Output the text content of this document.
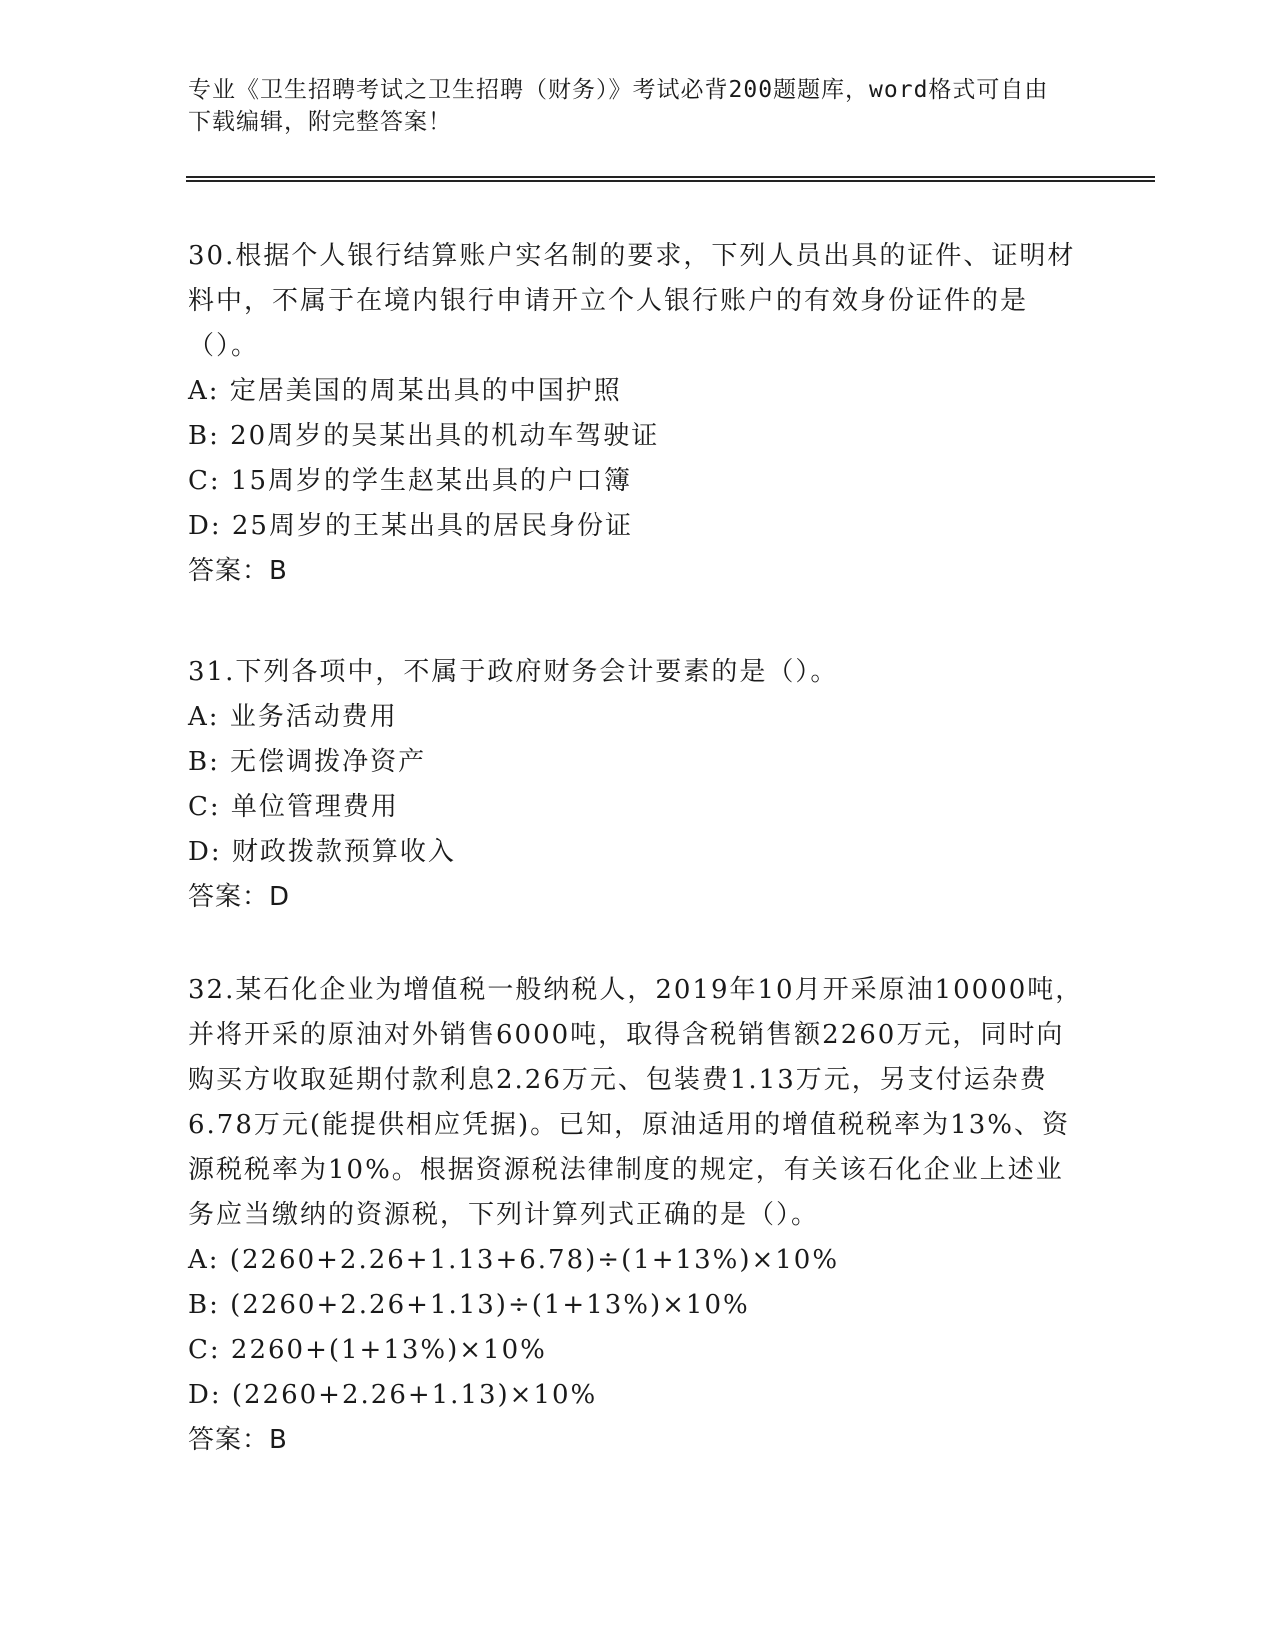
专业《卫生招聘考试之卫生招聘（财务）》考试必背200题题库，word格式可自由下载编辑，附完整答案！

30.根据个人银行结算账户实名制的要求，下列人员出具的证件、证明材料中，不属于在境内银行申请开立个人银行账户的有效身份证件的是（）。

A: 定居美国的周某出具的中国护照

B: 20周岁的吴某出具的机动车驾驶证

C: 15周岁的学生赵某出具的户口簿

D: 25周岁的王某出具的居民身份证

答案：B

31.下列各项中，不属于政府财务会计要素的是（）。

A: 业务活动费用

B: 无偿调拨净资产

C: 单位管理费用

D: 财政拨款预算收入

答案：D

32.某石化企业为增值税一般纳税人，2019年10月开采原油10000吨，并将开采的原油对外销售6000吨，取得含税销售额2260万元，同时向购买方收取延期付款利息2.26万元、包装费1.13万元，另支付运杂费6.78万元(能提供相应凭据)。已知，原油适用的增值税税率为13%、资源税税率为10%。根据资源税法律制度的规定，有关该石化企业上述业务应当缴纳的资源税，下列计算列式正确的是（）。

A: (2260+2.26+1.13+6.78)÷(1+13%)×10%

B: (2260+2.26+1.13)÷(1+13%)×10%

C: 2260+(1+13%)×10%

D: (2260+2.26+1.13)×10%

答案：B
